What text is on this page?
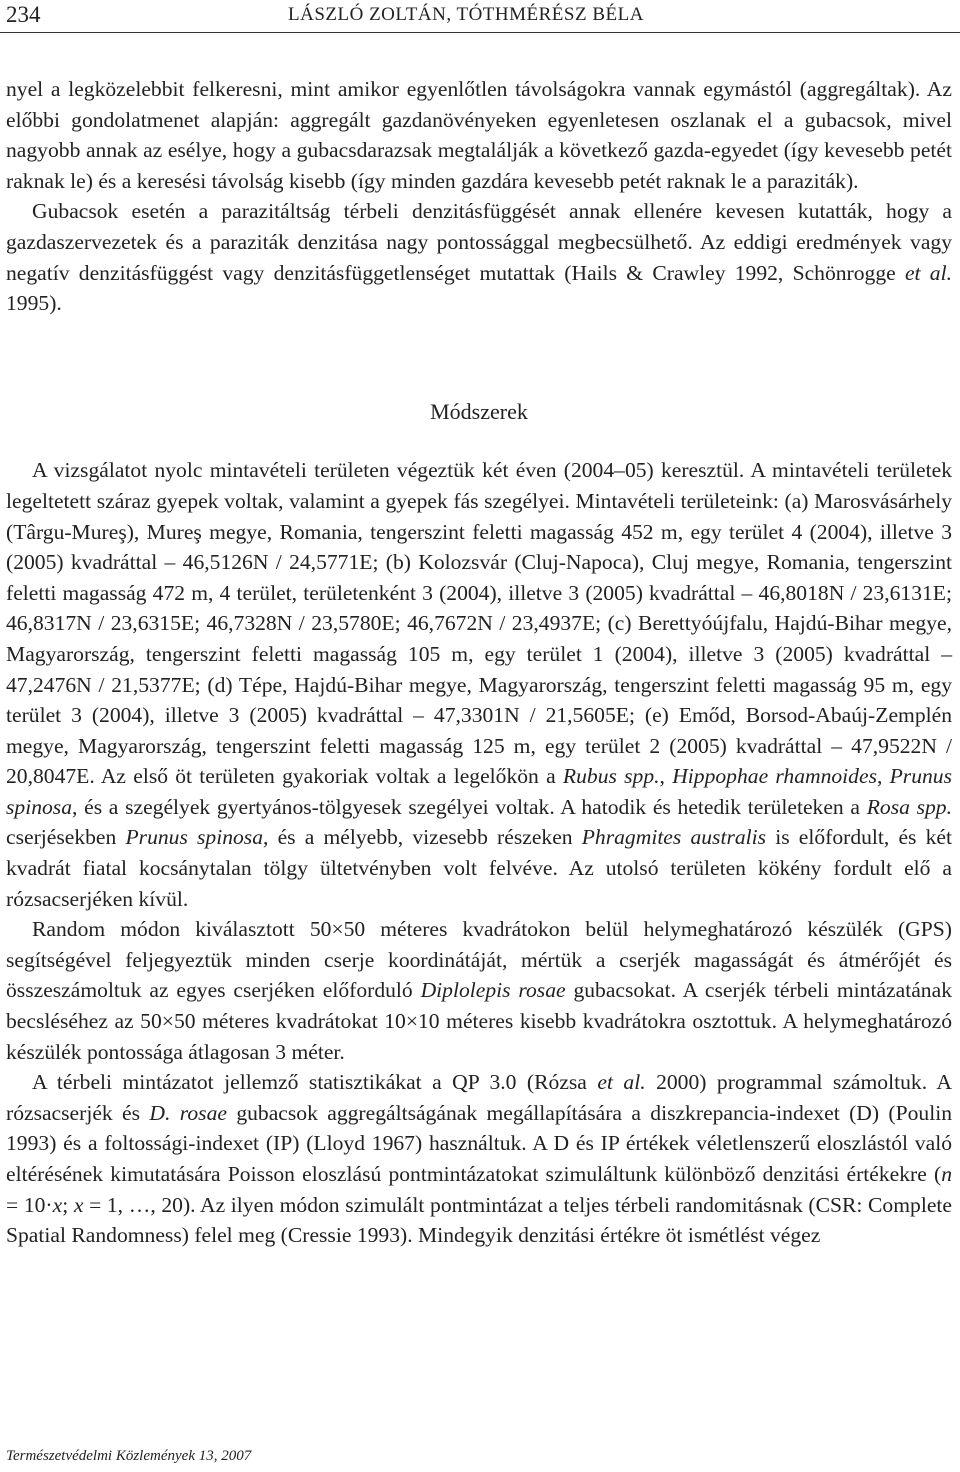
234	LÁSZLÓ ZOLTÁN, TÓTHMÉRÉSZ BÉLA

nyel a legközelebbit felkeresni, mint amikor egyenlőtlen távolságokra vannak egymástól (aggregáltak). Az előbbi gondolatmenet alapján: aggregált gazdanövényeken egyenletesen oszlanak el a gubacsok, mivel nagyobb annak az esélye, hogy a gubacsdarazsak megtalálják a következő gazda-egyedet (így kevesebb petét raknak le) és a keresési távolság kisebb (így minden gazdára kevesebb petét raknak le a paraziták).

Gubacsok esetén a parazitáltság térbeli denzitásfüggését annak ellenére kevesen kutatták, hogy a gazdaszervezetek és a paraziták denzitása nagy pontossággal megbecsülhető. Az eddigi eredmények vagy negatív denzitásfüggést vagy denzitásfüggetlenséget mutattak (Hails & Crawley 1992, Schönrogge et al. 1995).

Módszerek

A vizsgálatot nyolc mintavételi területen végeztük két éven (2004–05) keresztül. A mintavételi területek legeltetett száraz gyepek voltak, valamint a gyepek fás szegélyei. Mintavételi területeink: (a) Marosvásárhely (Târgu-Mureş), Mureş megye, Romania, tengerszint feletti magasság 452 m, egy terület 4 (2004), illetve 3 (2005) kvadráttal – 46,5126N / 24,5771E; (b) Kolozsvár (Cluj-Napoca), Cluj megye, Romania, tengerszint feletti magasság 472 m, 4 terület, területenként 3 (2004), illetve 3 (2005) kvadráttal – 46,8018N / 23,6131E; 46,8317N / 23,6315E; 46,7328N / 23,5780E; 46,7672N / 23,4937E; (c) Berettyóújfalu, Hajdú-Bihar megye, Magyarország, tengerszint feletti magasság 105 m, egy terület 1 (2004), illetve 3 (2005) kvadráttal – 47,2476N / 21,5377E; (d) Tépe, Hajdú-Bihar megye, Magyarország, tengerszint feletti magasság 95 m, egy terület 3 (2004), illetve 3 (2005) kvadráttal – 47,3301N / 21,5605E; (e) Emőd, Borsod-Abaúj-Zemplén megye, Magyarország, tengerszint feletti magasság 125 m, egy terület 2 (2005) kvadráttal – 47,9522N / 20,8047E. Az első öt területen gyakoriak voltak a legelőkön a Rubus spp., Hippophae rhamnoides, Prunus spinosa, és a szegélyek gyertyános-tölgyesek szegélyei voltak. A hatodik és hetedik területeken a Rosa spp. cserjésekben Prunus spinosa, és a mélyebb, vizesebb részeken Phragmites australis is előfordult, és két kvadrát fiatal kocsánytalan tölgy ültetvényben volt felvéve. Az utolsó területen kökény fordult elő a rózsacserjéken kívül.

Random módon kiválasztott 50×50 méteres kvadrátokon belül helymeghatározó készülék (GPS) segítségével feljegyeztük minden cserje koordinátáját, mértük a cserjék magasságát és átmérőjét és összeszámoltuk az egyes cserjéken előforduló Diplolepis rosae gubacsokat. A cserjék térbeli mintázatának becsléséhez az 50×50 méteres kvadrátokat 10×10 méteres kisebb kvadrátokra osztottuk. A helymeghatározó készülék pontossága átlagosan 3 méter.

A térbeli mintázatot jellemző statisztikákat a QP 3.0 (Rózsa et al. 2000) programmal számoltuk. A rózsacserjék és D. rosae gubacsok aggregáltságának megállapítására a diszkrepancia-indexet (D) (Poulin 1993) és a foltossági-indexet (IP) (Lloyd 1967) használtuk. A D és IP értékek véletlenszerű eloszlástól való eltérésének kimutatására Poisson eloszlású pontmintázatokat szimuláltunk különböző denzitási értékekre (n = 10·x; x = 1, …, 20). Az ilyen módon szimulált pontmintázat a teljes térbeli randomitásnak (CSR: Complete Spatial Randomness) felel meg (Cressie 1993). Mindegyik denzitási értékre öt ismétlést végez

Természetvédelmi Közlemények 13, 2007
